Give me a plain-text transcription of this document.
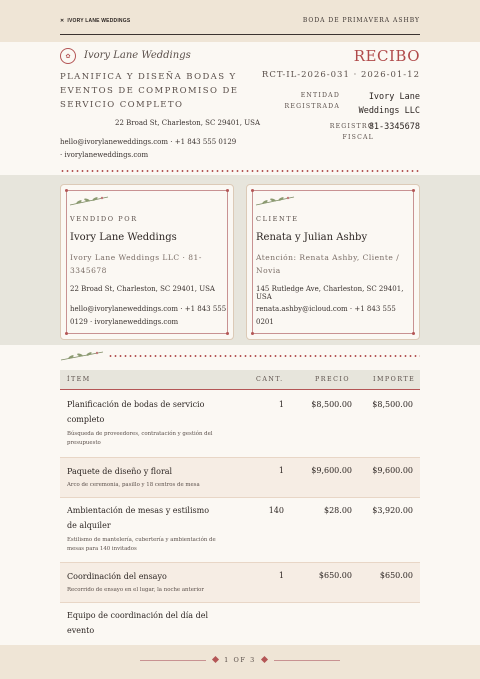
✕ IVORY LANE WEDDINGS	BODA DE PRIMAVERA ASHBY
✿ Ivory Lane Weddings
PLANIFICA Y DISEÑA BODAS Y EVENTOS DE COMPROMISO DE SERVICIO COMPLETO
22 Broad St, Charleston, SC 29401, USA
hello@ivorylaneweddings.com · +1 843 555 0129 · ivorylaneweddings.com
RECIBO
RCT-IL-2026-031 · 2026-01-12
ENTIDAD REGISTRADA
Ivory Lane Weddings LLC
REGISTRO FISCAL
81-3345678
VENDIDO POR
Ivory Lane Weddings
Ivory Lane Weddings LLC · 81-3345678
22 Broad St, Charleston, SC 29401, USA
hello@ivorylaneweddings.com · +1 843 555 0129 · ivorylaneweddings.com
CLIENTE
Renata y Julian Ashby
Atención: Renata Ashby, Cliente / Novia
145 Rutledge Ave, Charleston, SC 29401, USA
renata.ashby@icloud.com · +1 843 555 0201
ÍTEM	CANT.	PRECIO	IMPORTE
Planificación de bodas de servicio completo
Búsqueda de proveedores, contratación y gestión del presupuesto
1	$8,500.00	$8,500.00
Paquete de diseño y floral
Arco de ceremonia, pasillo y 18 centros de mesa
1	$9,600.00	$9,600.00
Ambientación de mesas y estilismo de alquiler
Estilismo de mantelería, cubertería y ambientación de mesas para 140 invitados
140	$28.00	$3,920.00
Coordinación del ensayo
Recorrido de ensayo en el lugar, la noche anterior
1	$650.00	$650.00
Equipo de coordinación del día del evento
1 OF 3
